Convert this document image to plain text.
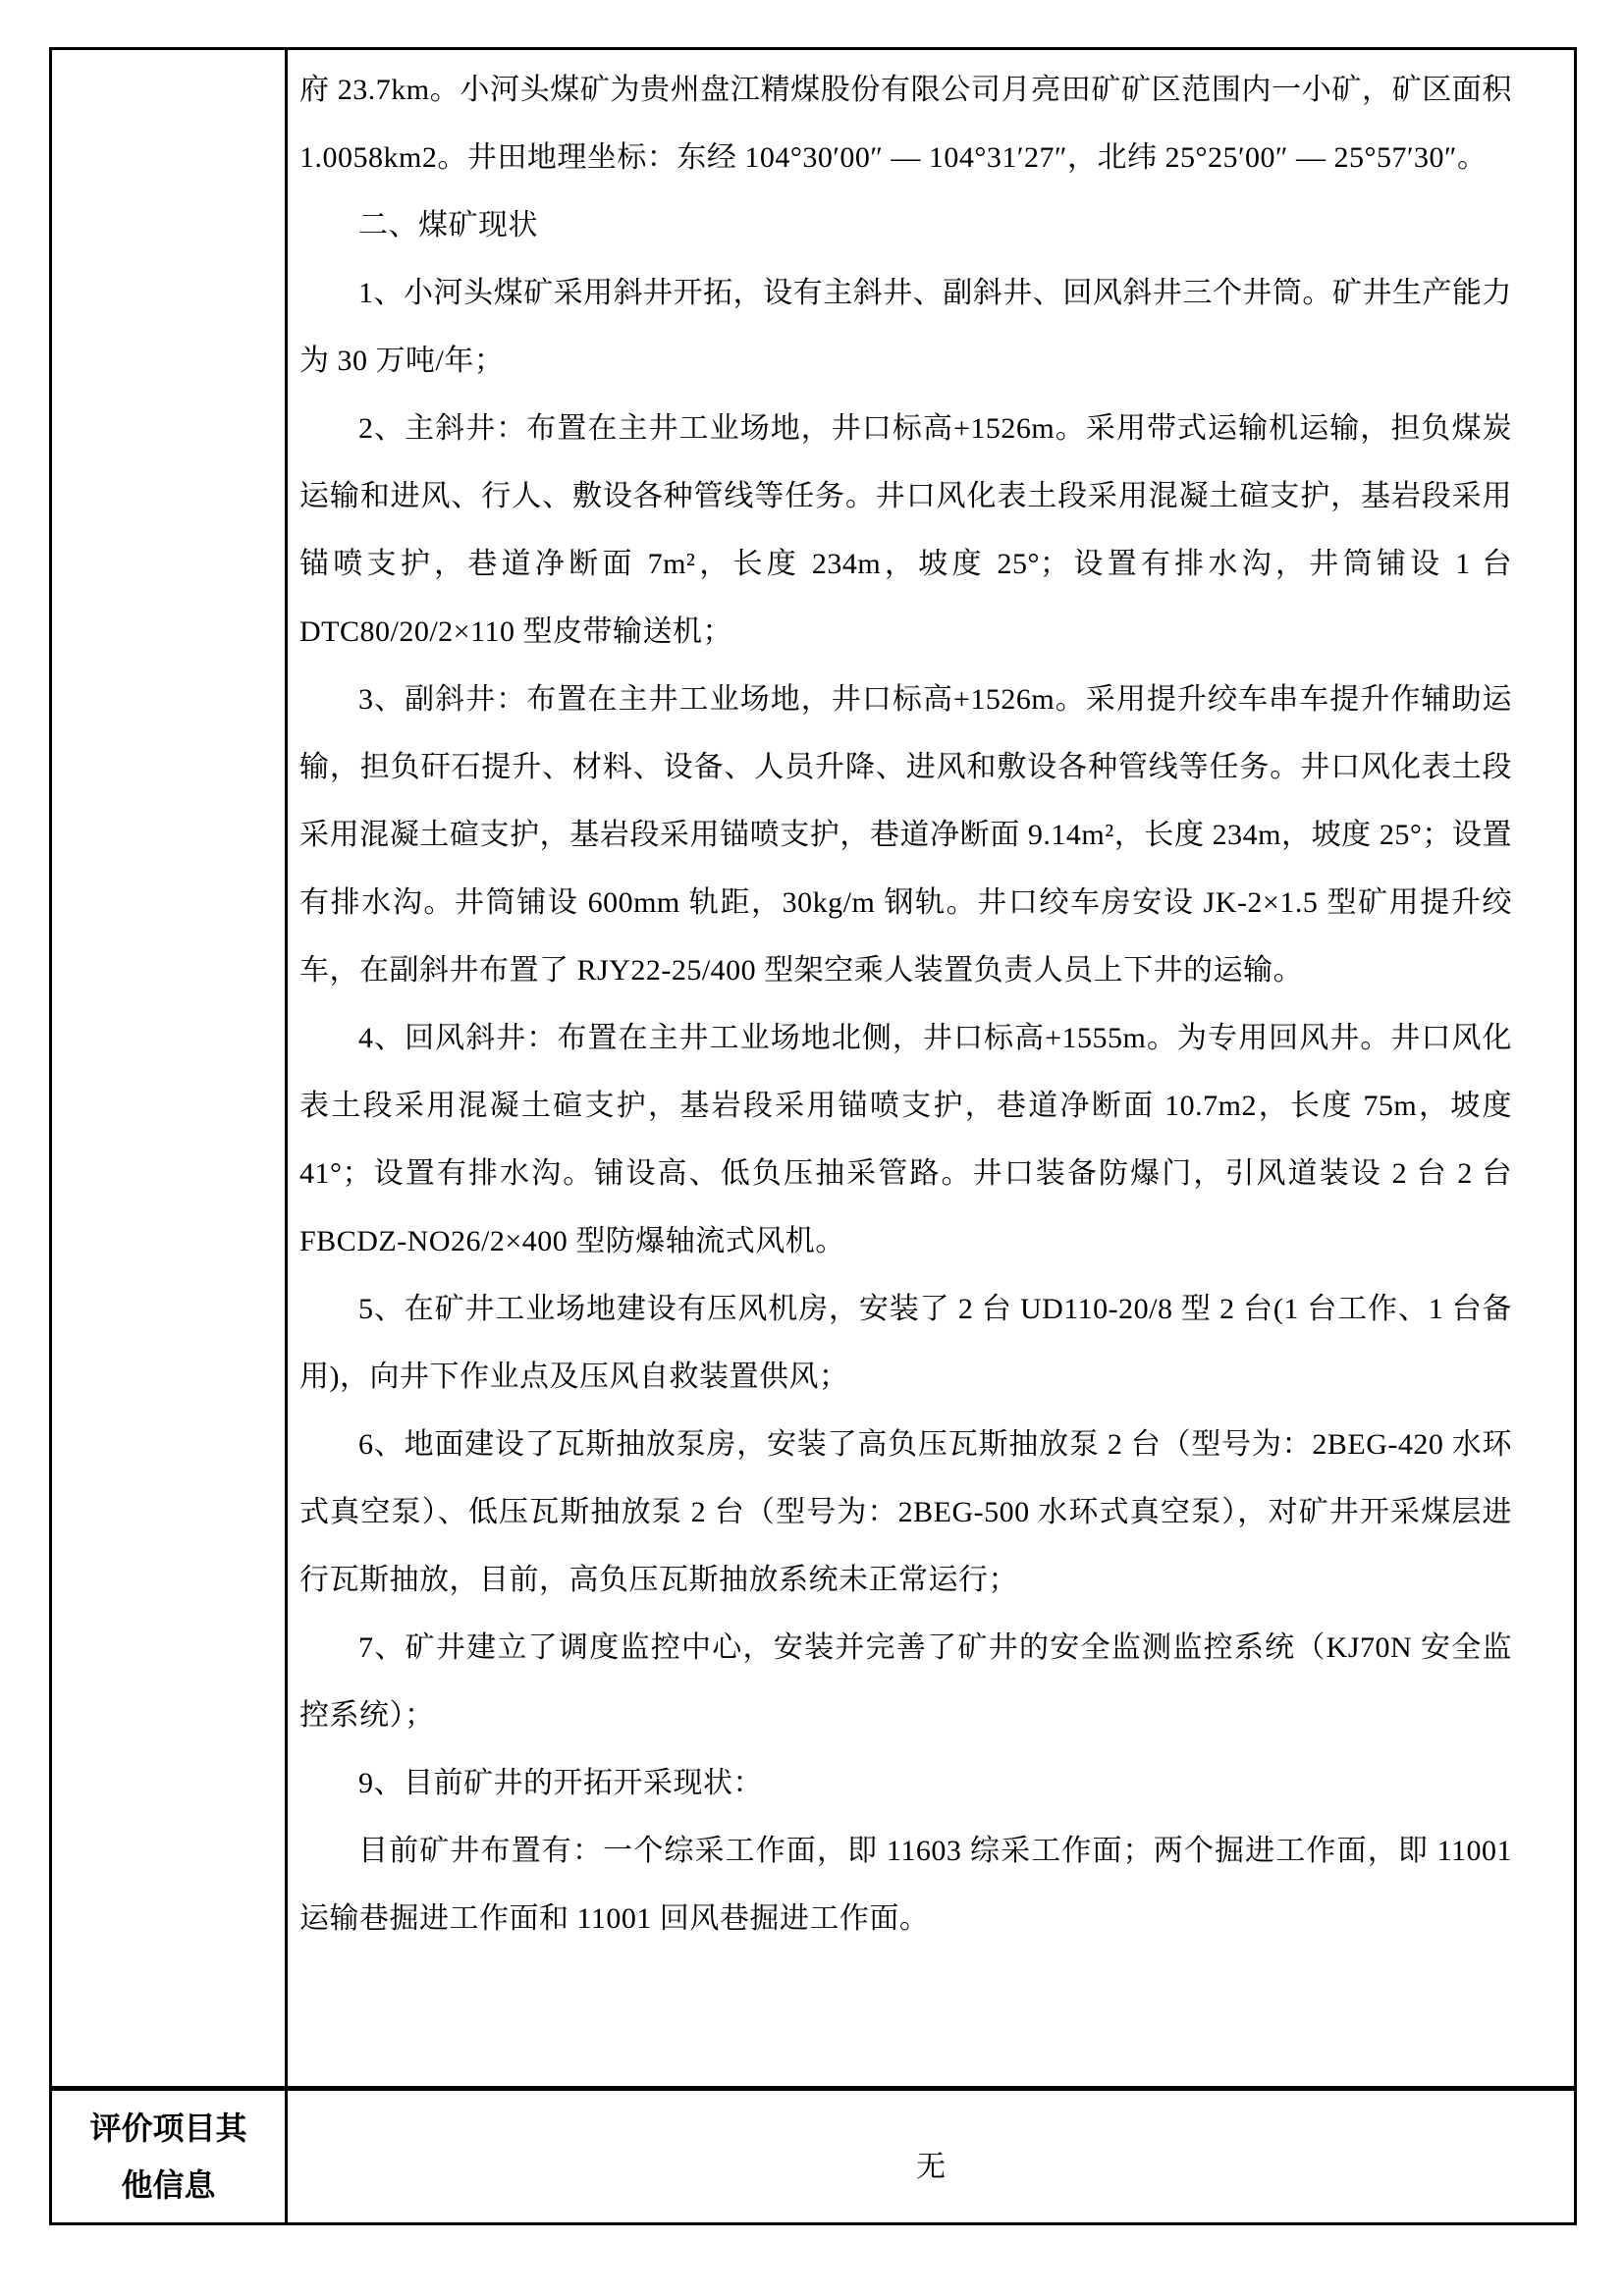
府 23.7km。小河头煤矿为贵州盘江精煤股份有限公司月亮田矿矿区范围内一小矿，矿区面积 1.0058km2。井田地理坐标：东经 104°30′00″ — 104°31′27″，北纬 25°25′00″ — 25°57′30″。

二、煤矿现状

1、小河头煤矿采用斜井开拓，设有主斜井、副斜井、回风斜井三个井筒。矿井生产能力为 30 万吨/年；

2、主斜井：布置在主井工业场地，井口标高+1526m。采用带式运输机运输，担负煤炭运输和进风、行人、敷设各种管线等任务。井口风化表土段采用混凝土碹支护，基岩段采用锚喷支护，巷道净断面 7m²，长度 234m，坡度 25°；设置有排水沟，井筒铺设 1 台 DTC80/20/2×110 型皮带输送机；

3、副斜井：布置在主井工业场地，井口标高+1526m。采用提升绞车串车提升作辅助运输，担负矸石提升、材料、设备、人员升降、进风和敷设各种管线等任务。井口风化表土段采用混凝土碹支护，基岩段采用锚喷支护，巷道净断面 9.14m²，长度 234m，坡度 25°；设置有排水沟。井筒铺设 600mm 轨距，30kg/m 钢轨。井口绞车房安设 JK-2×1.5 型矿用提升绞车，在副斜井布置了 RJY22-25/400 型架空乘人装置负责人员上下井的运输。

4、回风斜井：布置在主井工业场地北侧，井口标高+1555m。为专用回风井。井口风化表土段采用混凝土碹支护，基岩段采用锚喷支护，巷道净断面 10.7m2，长度 75m，坡度 41°；设置有排水沟。铺设高、低负压抽采管路。井口装备防爆门，引风道装设 2 台 2 台 FBCDZ-NO26/2×400 型防爆轴流式风机。

5、在矿井工业场地建设有压风机房，安装了 2 台 UD110-20/8 型 2 台(1 台工作、1 台备用)，向井下作业点及压风自救装置供风；

6、地面建设了瓦斯抽放泵房，安装了高负压瓦斯抽放泵 2 台（型号为：2BEG-420 水环式真空泵）、低压瓦斯抽放泵 2 台（型号为：2BEG-500 水环式真空泵），对矿井开采煤层进行瓦斯抽放，目前，高负压瓦斯抽放系统未正常运行；

7、矿井建立了调度监控中心，安装并完善了矿井的安全监测监控系统（KJ70N 安全监控系统）；

9、目前矿井的开拓开采现状：

目前矿井布置有：一个综采工作面，即 11603 综采工作面；两个掘进工作面，即 11001 运输巷掘进工作面和 11001 回风巷掘进工作面。

评价项目其他信息
无
